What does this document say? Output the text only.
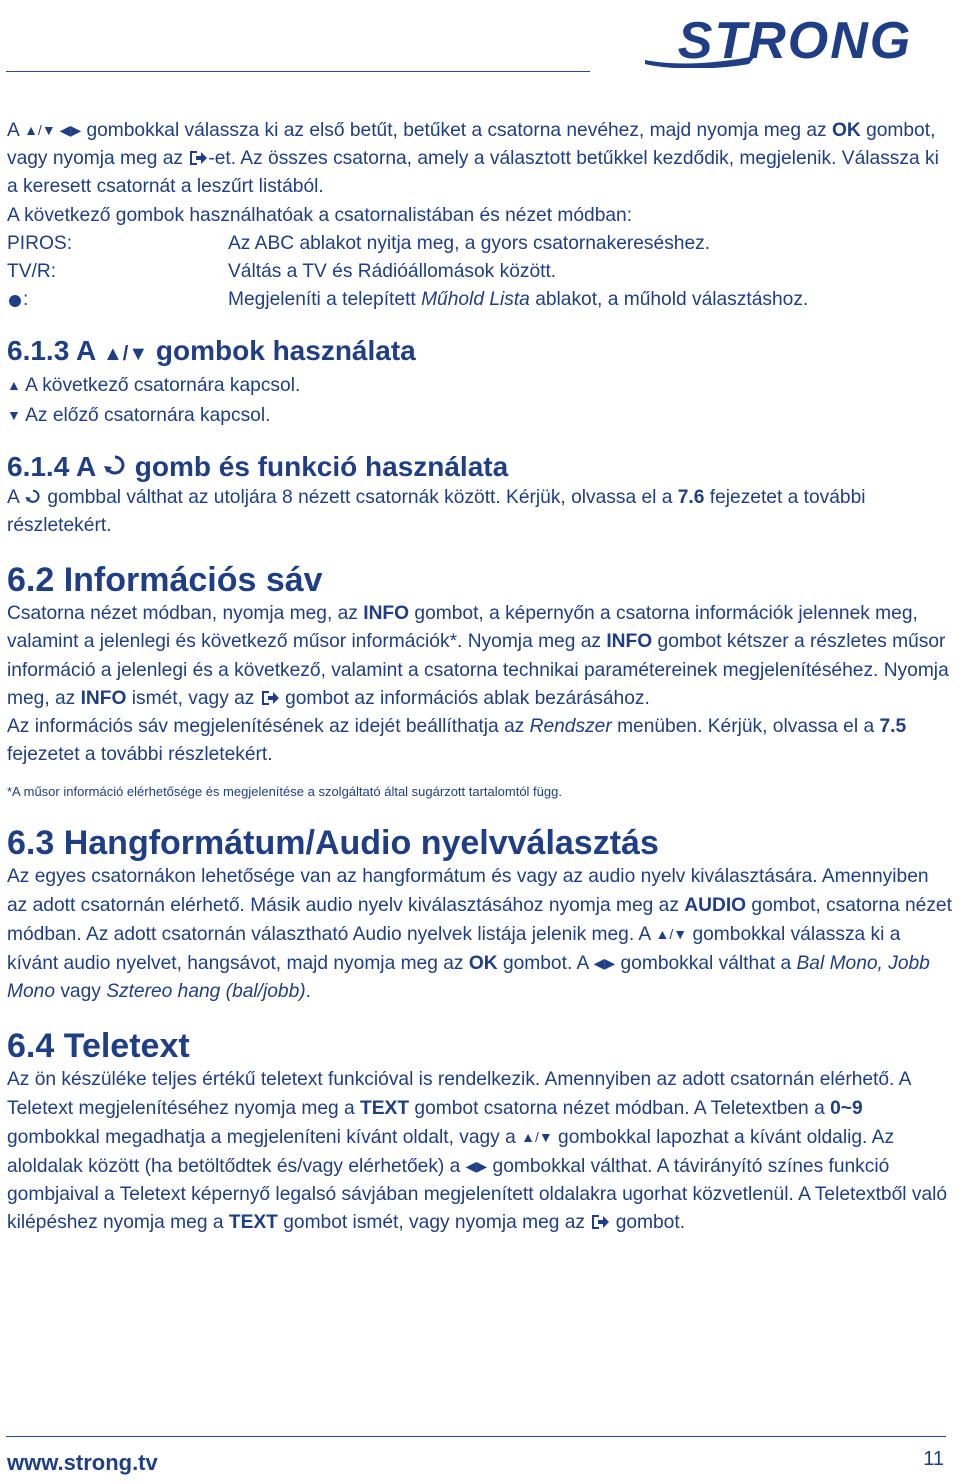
STRONG

A ▲/▼ ◀▶ gombokkal válassza ki az első betűt, betűket a csatorna nevéhez, majd nyomja meg az OK gombot, vagy nyomja meg az -et. Az összes csatorna, amely a választott betűkkel kezdődik, megjelenik. Válassza ki a keresett csatornát a leszűrt listából.

A következő gombok használhatóak a csatornalistában és nézet módban:

PIROS:	Az ABC ablakot nyitja meg, a gyors csatornakereséshez.
TV/R:	Váltás a TV és Rádióállomások között.
:	Megjeleníti a telepített Műhold Lista ablakot, a műhold választáshoz.
6.1.3 A ▲/▼ gombok használata

▲ A következő csatornára kapcsol.

▼ Az előző csatornára kapcsol.

6.1.4 A  gomb és funkció használata

A  gombbal válthat az utoljára 8 nézett csatornák között. Kérjük, olvassa el a 7.6 fejezetet a további részletekért.

6.2 Információs sáv

Csatorna nézet módban, nyomja meg, az INFO gombot, a képernyőn a csatorna információk jelennek meg, valamint a jelenlegi és következő műsor információk*. Nyomja meg az INFO gombot kétszer a részletes műsor információ a jelenlegi és a következő, valamint a csatorna technikai paramétereinek megjelenítéséhez. Nyomja meg, az INFO ismét, vagy az  gombot az információs ablak bezárásához.

Az információs sáv megjelenítésének az idejét beállíthatja az Rendszer menüben. Kérjük, olvassa el a 7.5 fejezetet a további részletekért.

*A műsor információ elérhetősége és megjelenítése a szolgáltató által sugárzott tartalomtól függ.

6.3 Hangformátum/Audio nyelvválasztás

Az egyes csatornákon lehetősége van az hangformátum és vagy az audio nyelv kiválasztására. Amennyiben az adott csatornán elérhető. Másik audio nyelv kiválasztásához nyomja meg az AUDIO gombot, csatorna nézet módban. Az adott csatornán választható Audio nyelvek listája jelenik meg. A ▲/▼ gombokkal válassza ki a kívánt audio nyelvet, hangsávot, majd nyomja meg az OK gombot. A ◀▶ gombokkal válthat a Bal Mono, Jobb Mono vagy Sztereo hang (bal/jobb).

6.4 Teletext

Az ön készüléke teljes értékű teletext funkcióval is rendelkezik. Amennyiben az adott csatornán elérhető. A Teletext megjelenítéséhez nyomja meg a TEXT gombot csatorna nézet módban. A Teletextben a 0~9 gombokkal megadhatja a megjeleníteni kívánt oldalt, vagy a ▲/▼ gombokkal lapozhat a kívánt oldalig. Az aloldalak között (ha betöltődtek és/vagy elérhetőek) a ◀▶ gombokkal válthat. A távirányító színes funkció gombjaival a Teletext képernyő legalsó sávjában megjelenített oldalakra ugorhat közvetlenül. A Teletextből való kilépéshez nyomja meg a TEXT gombot ismét, vagy nyomja meg az  gombot.

www.strong.tv	11
